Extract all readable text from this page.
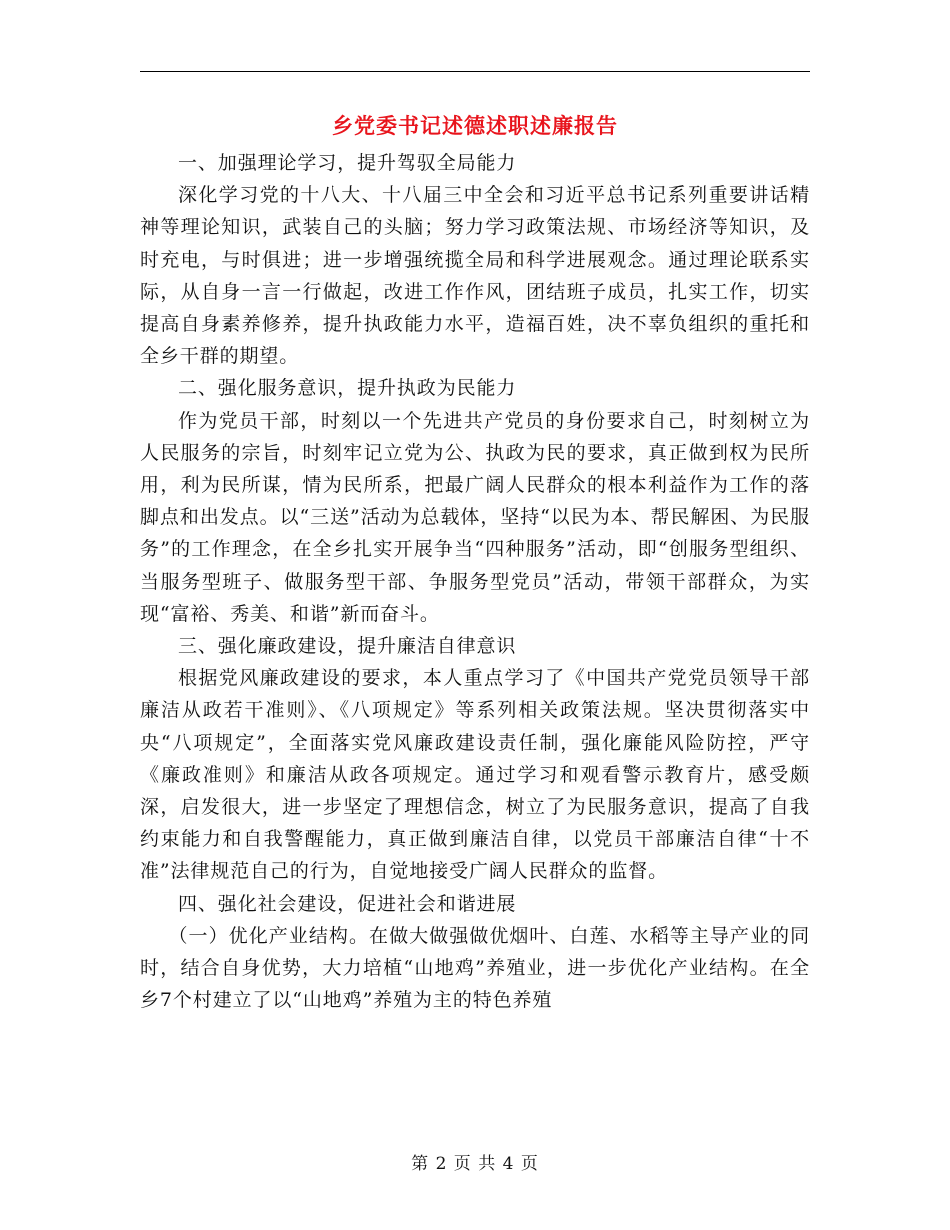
乡党委书记述德述职述廉报告

一、加强理论学习，提升驾驭全局能力

深化学习党的十八大、十八届三中全会和习近平总书记系列重要讲话精神等理论知识，武装自己的头脑；努力学习政策法规、市场经济等知识，及时充电，与时俱进；进一步增强统揽全局和科学进展观念。通过理论联系实际，从自身一言一行做起，改进工作作风，团结班子成员，扎实工作，切实提高自身素养修养，提升执政能力水平，造福百姓，决不辜负组织的重托和全乡干群的期望。

二、强化服务意识，提升执政为民能力

作为党员干部，时刻以一个先进共产党员的身份要求自己，时刻树立为人民服务的宗旨，时刻牢记立党为公、执政为民的要求，真正做到权为民所用，利为民所谋，情为民所系，把最广阔人民群众的根本利益作为工作的落脚点和出发点。以“三送”活动为总载体，坚持“以民为本、帮民解困、为民服务”的工作理念，在全乡扎实开展争当“四种服务”活动，即“创服务型组织、当服务型班子、做服务型干部、争服务型党员”活动，带领干部群众，为实现“富裕、秀美、和谐”新而奋斗。

三、强化廉政建设，提升廉洁自律意识

根据党风廉政建设的要求，本人重点学习了《中国共产党党员领导干部廉洁从政若干准则》、《八项规定》等系列相关政策法规。坚决贯彻落实中央“八项规定”，全面落实党风廉政建设责任制，强化廉能风险防控，严守《廉政准则》和廉洁从政各项规定。通过学习和观看警示教育片，感受颇深，启发很大，进一步坚定了理想信念，树立了为民服务意识，提高了自我约束能力和自我警醒能力，真正做到廉洁自律，以党员干部廉洁自律“十不准”法律规范自己的行为，自觉地接受广阔人民群众的监督。

四、强化社会建设，促进社会和谐进展

（一）优化产业结构。在做大做强做优烟叶、白莲、水稻等主导产业的同时，结合自身优势，大力培植“山地鸡”养殖业，进一步优化产业结构。在全乡7个村建立了以“山地鸡”养殖为主的特色养殖

第 2 页 共 4 页
